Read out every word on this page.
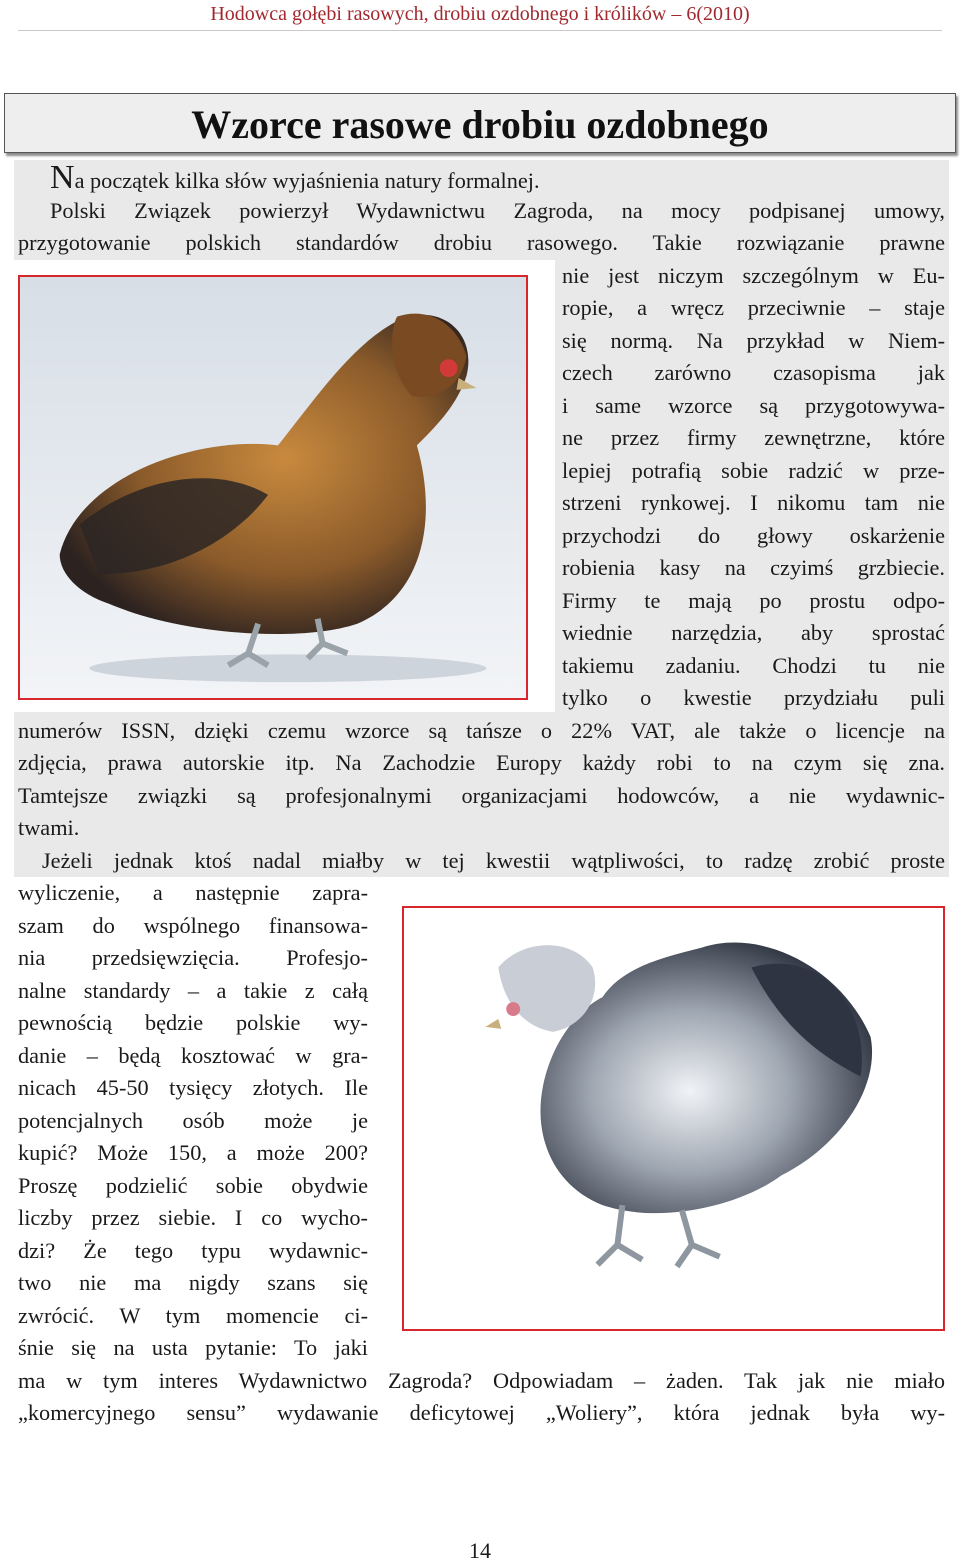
Hodowca gołębi rasowych, drobiu ozdobnego i królików – 6(2010)
Wzorce rasowe drobiu ozdobnego
Na początek kilka słów wyjaśnienia natury formalnej.
Polski Związek powierzył Wydawnictwu Zagroda, na mocy podpisanej umowy,
przygotowanie polskich standardów drobiu rasowego. Takie rozwiązanie prawne
nie jest niczym szczególnym w Eu-
ropie, a wręcz przeciwnie – staje
się normą. Na przykład w Niem-
czech zarówno czasopisma jak
i same wzorce są przygotowywa-
ne przez firmy zewnętrzne, które
lepiej potrafią sobie radzić w prze-
strzeni rynkowej. I nikomu tam nie
przychodzi do głowy oskarżenie
robienia kasy na czyimś grzbiecie.
Firmy te mają po prostu odpo-
wiednie narzędzia, aby sprostać
takiemu zadaniu. Chodzi tu nie
tylko o kwestie przydziału puli
numerów ISSN, dzięki czemu wzorce są tańsze o 22% VAT, ale także o licencje na
zdjęcia, prawa autorskie itp. Na Zachodzie Europy każdy robi to na czym się zna.
Tamtejsze związki są profesjonalnymi organizacjami hodowców, a nie wydawnic-
twami.
Jeżeli jednak ktoś nadal miałby w tej kwestii wątpliwości, to radzę zrobić proste
wyliczenie, a następnie zapra-
szam do wspólnego finansowa-
nia przedsięwzięcia. Profesjo-
nalne standardy – a takie z całą
pewnością będzie polskie wy-
danie – będą kosztować w gra-
nicach 45-50 tysięcy złotych. Ile
potencjalnych osób może je
kupić? Może 150, a może 200?
Proszę podzielić sobie obydwie
liczby przez siebie. I co wycho-
dzi? Że tego typu wydawnic-
two nie ma nigdy szans się
zwrócić. W tym momencie ci-
śnie się na usta pytanie: To jaki
ma w tym interes Wydawnictwo Zagroda? Odpowiadam – żaden. Tak jak nie miało
„komercyjnego sensu” wydawanie deficytowej „Woliery”, która jednak była wy-
14
